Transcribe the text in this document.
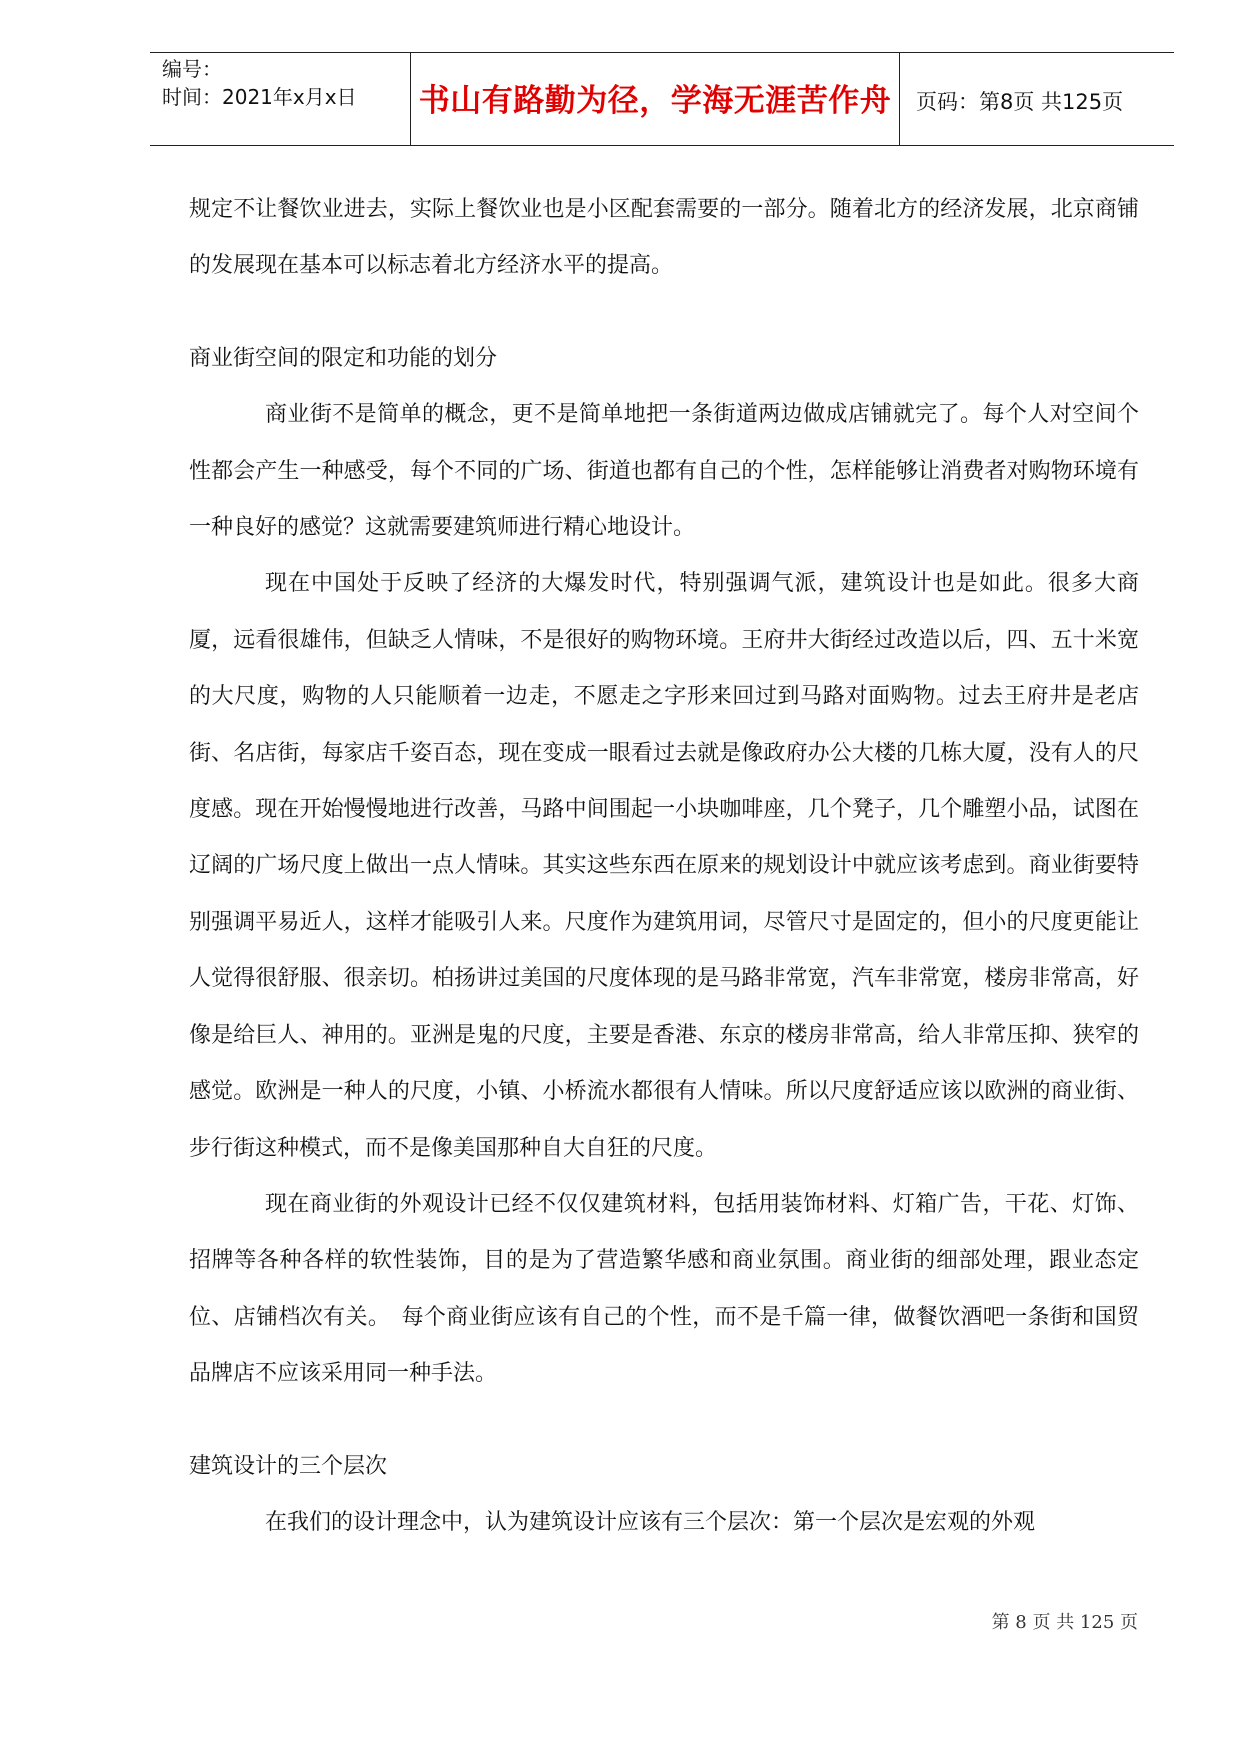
编号：
时间：2021年x月x日 书山有路勤为径，学海无涯苦作舟	页码：第8页 共125页

规定不让餐饮业进去，实际上餐饮业也是小区配套需要的一部分。随着北方的经济发展，北京商铺的发展现在基本可以标志着北方经济水平的提高。

商业街空间的限定和功能的划分

商业街不是简单的概念，更不是简单地把一条街道两边做成店铺就完了。每个人对空间个性都会产生一种感受，每个不同的广场、街道也都有自己的个性，怎样能够让消费者对购物环境有一种良好的感觉？这就需要建筑师进行精心地设计。

现在中国处于反映了经济的大爆发时代，特别强调气派，建筑设计也是如此。很多大商厦，远看很雄伟，但缺乏人情味，不是很好的购物环境。王府井大街经过改造以后，四、五十米宽的大尺度，购物的人只能顺着一边走，不愿走之字形来回过到马路对面购物。过去王府井是老店街、名店街，每家店千姿百态，现在变成一眼看过去就是像政府办公大楼的几栋大厦，没有人的尺度感。现在开始慢慢地进行改善，马路中间围起一小块咖啡座，几个凳子，几个雕塑小品，试图在辽阔的广场尺度上做出一点人情味。其实这些东西在原来的规划设计中就应该考虑到。商业街要特别强调平易近人，这样才能吸引人来。尺度作为建筑用词，尽管尺寸是固定的，但小的尺度更能让人觉得很舒服、很亲切。柏扬讲过美国的尺度体现的是马路非常宽，汽车非常宽，楼房非常高，好像是给巨人、神用的。亚洲是鬼的尺度，主要是香港、东京的楼房非常高，给人非常压抑、狭窄的感觉。欧洲是一种人的尺度，小镇、小桥流水都很有人情味。所以尺度舒适应该以欧洲的商业街、步行街这种模式，而不是像美国那种自大自狂的尺度。

现在商业街的外观设计已经不仅仅建筑材料，包括用装饰材料、灯箱广告，干花、灯饰、招牌等各种各样的软性装饰，目的是为了营造繁华感和商业氛围。商业街的细部处理，跟业态定位、店铺档次有关。　每个商业街应该有自己的个性，而不是千篇一律，做餐饮酒吧一条街和国贸品牌店不应该采用同一种手法。

建筑设计的三个层次

在我们的设计理念中，认为建筑设计应该有三个层次：第一个层次是宏观的外观

第 8 页 共 125 页
